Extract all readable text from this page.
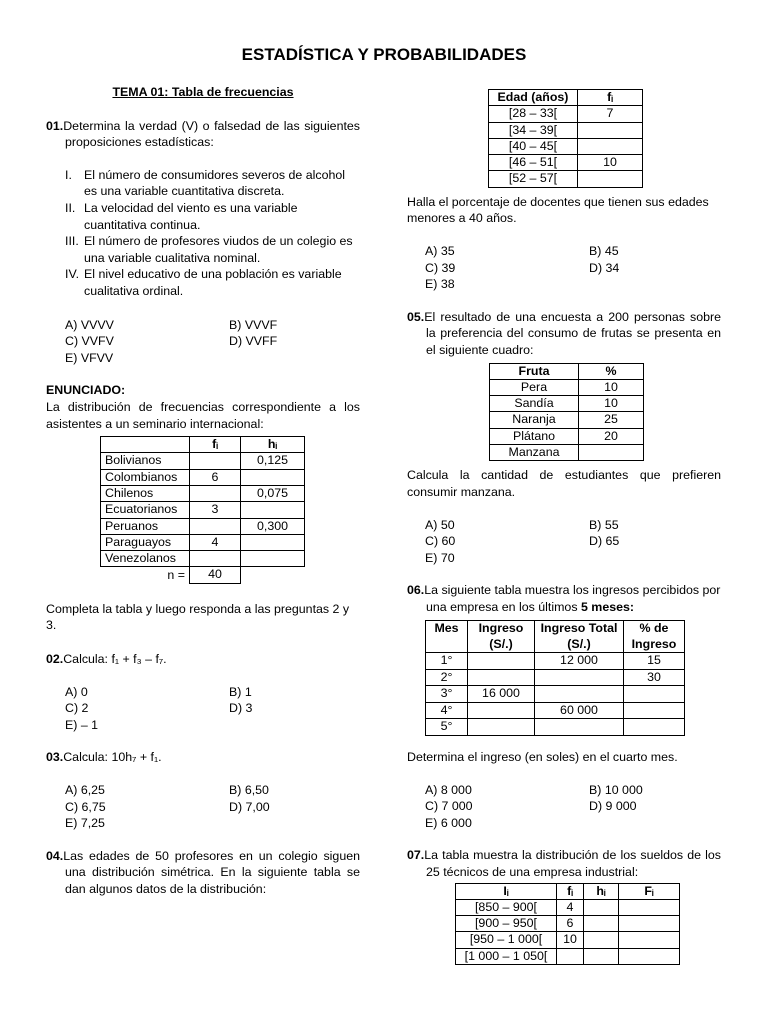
ESTADÍSTICA Y PROBABILIDADES

TEMA 01: Tabla de frecuencias

01.Determina la verdad (V) o falsedad de las siguientes proposiciones estadísticas:

I. El número de consumidores severos de alcohol es una variable cuantitativa discreta.
II. La velocidad del viento es una variable cuantitativa continua.
III. El número de profesores viudos de un colegio es una variable cualitativa nominal.
IV. El nivel educativo de una población es variable cualitativa ordinal.
A) VVVV	B) VVVF
C) VVFV	D) VVFF
E) VFVV

ENUNCIADO:

La distribución de frecuencias correspondiente a los asistentes a un seminario internacional:

	fᵢ	hᵢ
Bolivianos		0,125
Colombianos	6	
Chilenos		0,075
Ecuatorianos	3	
Peruanos		0,300
Paraguayos	4	
Venezolanos		
n =	40	

Completa la tabla y luego responda a las preguntas 2 y 3.

02.Calcula: f₁ + f₃ – f₇.

A) 0	B) 1
C) 2	D) 3
E) – 1

03.Calcula: 10h₇ + f₁.

A) 6,25	B) 6,50
C) 6,75	D) 7,00
E) 7,25

04.Las edades de 50 profesores en un colegio siguen una distribución simétrica. En la siguiente tabla se dan algunos datos de la distribución:

Edad (años)	fᵢ
[28 – 33[	7
[34 – 39[	
[40 – 45[	
[46 – 51[	10
[52 – 57[	

Halla el porcentaje de docentes que tienen sus edades menores a 40 años.

A) 35	B) 45
C) 39	D) 34
E) 38

05.El resultado de una encuesta a 200 personas sobre la preferencia del consumo de frutas se presenta en el siguiente cuadro:

Fruta	%
Pera	10
Sandía	10
Naranja	25
Plátano	20
Manzana	

Calcula la cantidad de estudiantes que prefieren consumir manzana.

A) 50	B) 55
C) 60	D) 65
E) 70

06.La siguiente tabla muestra los ingresos percibidos por una empresa en los últimos 5 meses:

Mes	Ingreso (S/.)	Ingreso Total (S/.)	% de Ingreso
1°		12 000	15
2°			30
3°	16 000		
4°		60 000	
5°			

Determina el ingreso (en soles) en el cuarto mes.

A) 8 000	B) 10 000
C) 7 000	D) 9 000
E) 6 000

07.La tabla muestra la distribución de los sueldos de los 25 técnicos de una empresa industrial:

Iᵢ	fᵢ	hᵢ	Fᵢ
[850 – 900[	4		
[900 – 950[	6		
[950 – 1 000[	10		
[1 000 – 1 050[			
